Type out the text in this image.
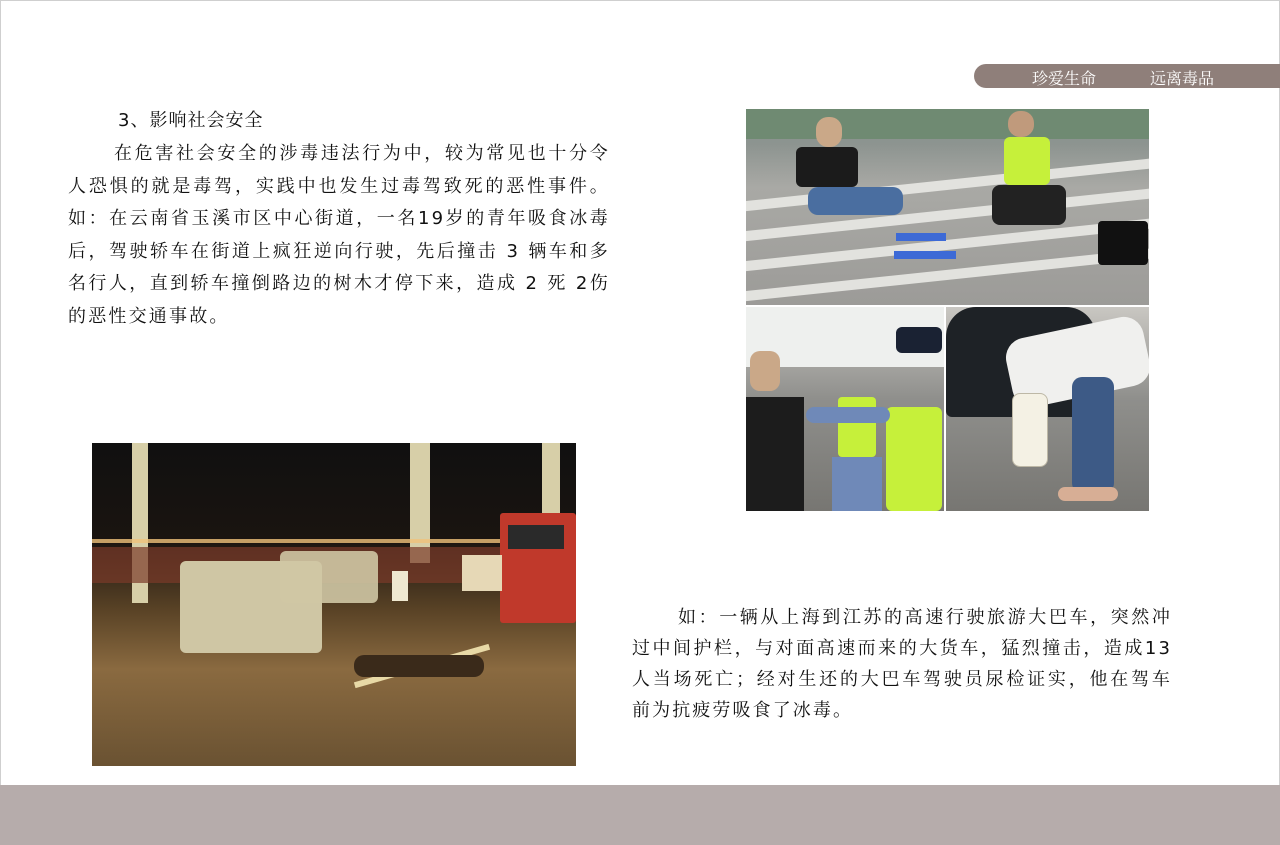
珍爱生命	远离毒品
3、影响社会安全
在危害社会安全的涉毒违法行为中，较为常见也十分令人恐惧的就是毒驾，实践中也发生过毒驾致死的恶性事件。如：在云南省玉溪市区中心街道，一名19岁的青年吸食冰毒后，驾驶轿车在街道上疯狂逆向行驶，先后撞击 3 辆车和多名行人，直到轿车撞倒路边的树木才停下来，造成 2 死 2伤的恶性交通事故。
如：一辆从上海到江苏的高速行驶旅游大巴车，突然冲过中间护栏，与对面高速而来的大货车，猛烈撞击，造成13人当场死亡；经对生还的大巴车驾驶员尿检证实，他在驾车前为抗疲劳吸食了冰毒。
